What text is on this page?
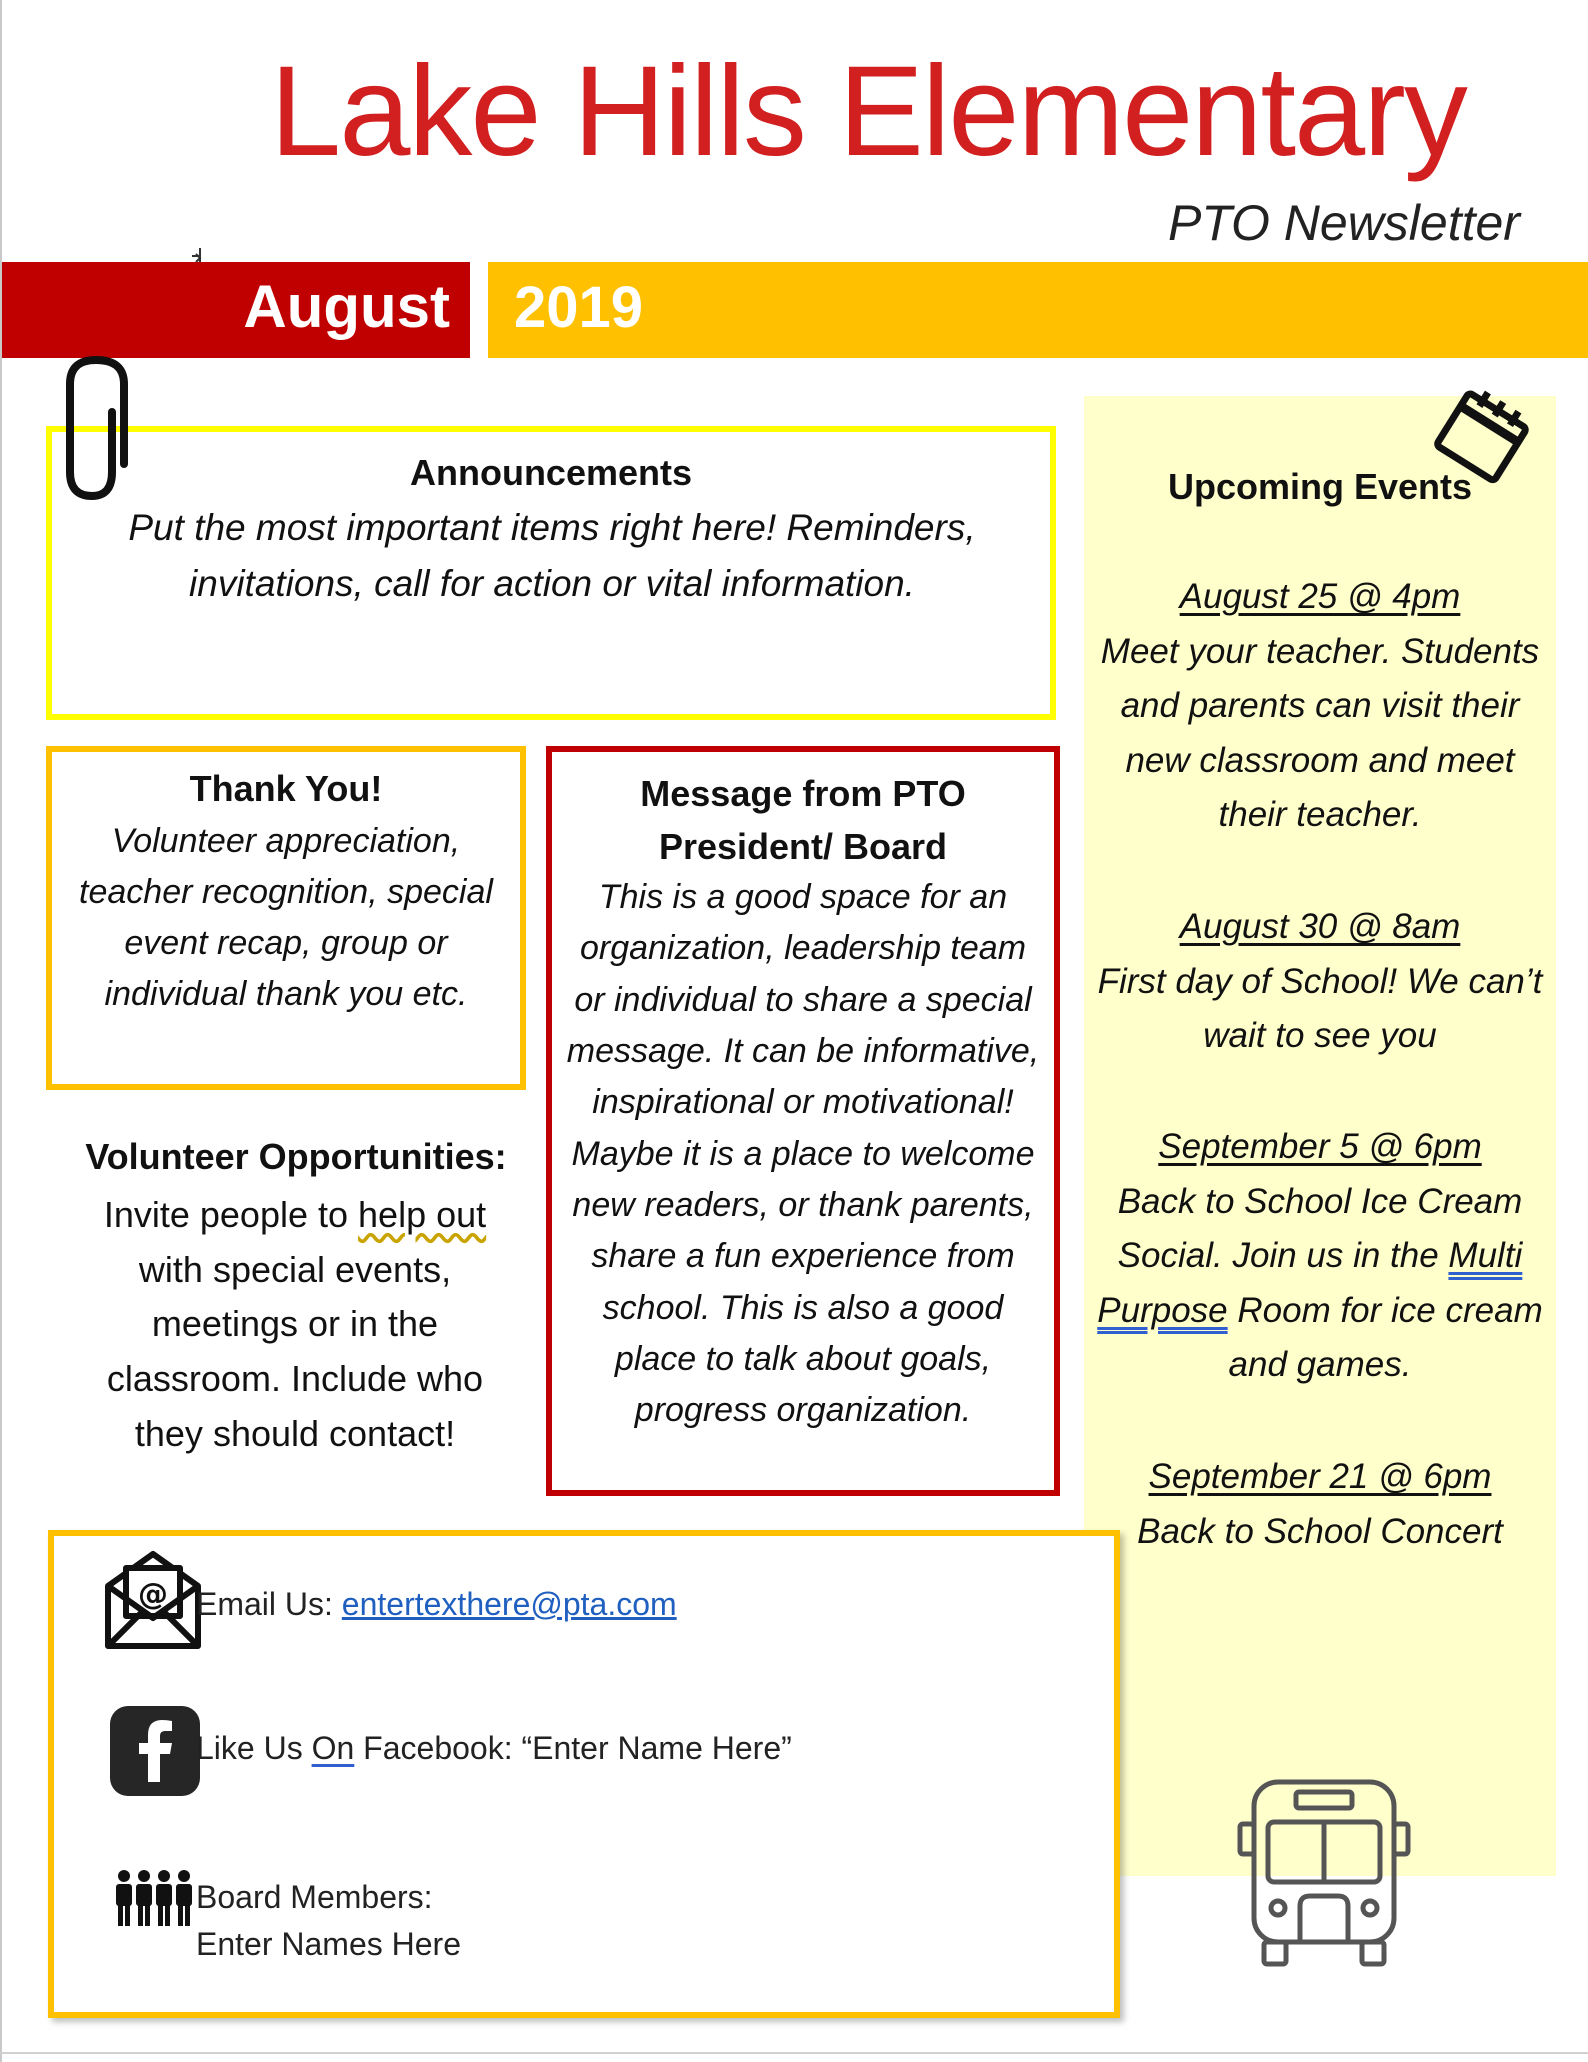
Lake Hills Elementary
PTO Newsletter
August 2019
Announcements
Put the most important items right here! Reminders, invitations, call for action or vital information.
Thank You!
Volunteer appreciation, teacher recognition, special event recap, group or individual thank you etc.
Message from PTO President/ Board
This is a good space for an organization, leadership team or individual to share a special message. It can be informative, inspirational or motivational! Maybe it is a place to welcome new readers, or thank parents, share a fun experience from school. This is also a good place to talk about goals, progress organization.
Volunteer Opportunities:
Invite people to help out with special events, meetings or in the classroom. Include who they should contact!
Upcoming Events
August 25 @ 4pm
Meet your teacher. Students and parents can visit their new classroom and meet their teacher.
August 30 @ 8am
First day of School! We can’t wait to see you
September 5 @ 6pm
Back to School Ice Cream Social. Join us in the Multi Purpose Room for ice cream and games.
September 21 @ 6pm
Back to School Concert
@ Email Us: entertexthere@pta.com
Like Us On Facebook: “Enter Name Here”
Board Members:
Enter Names Here
